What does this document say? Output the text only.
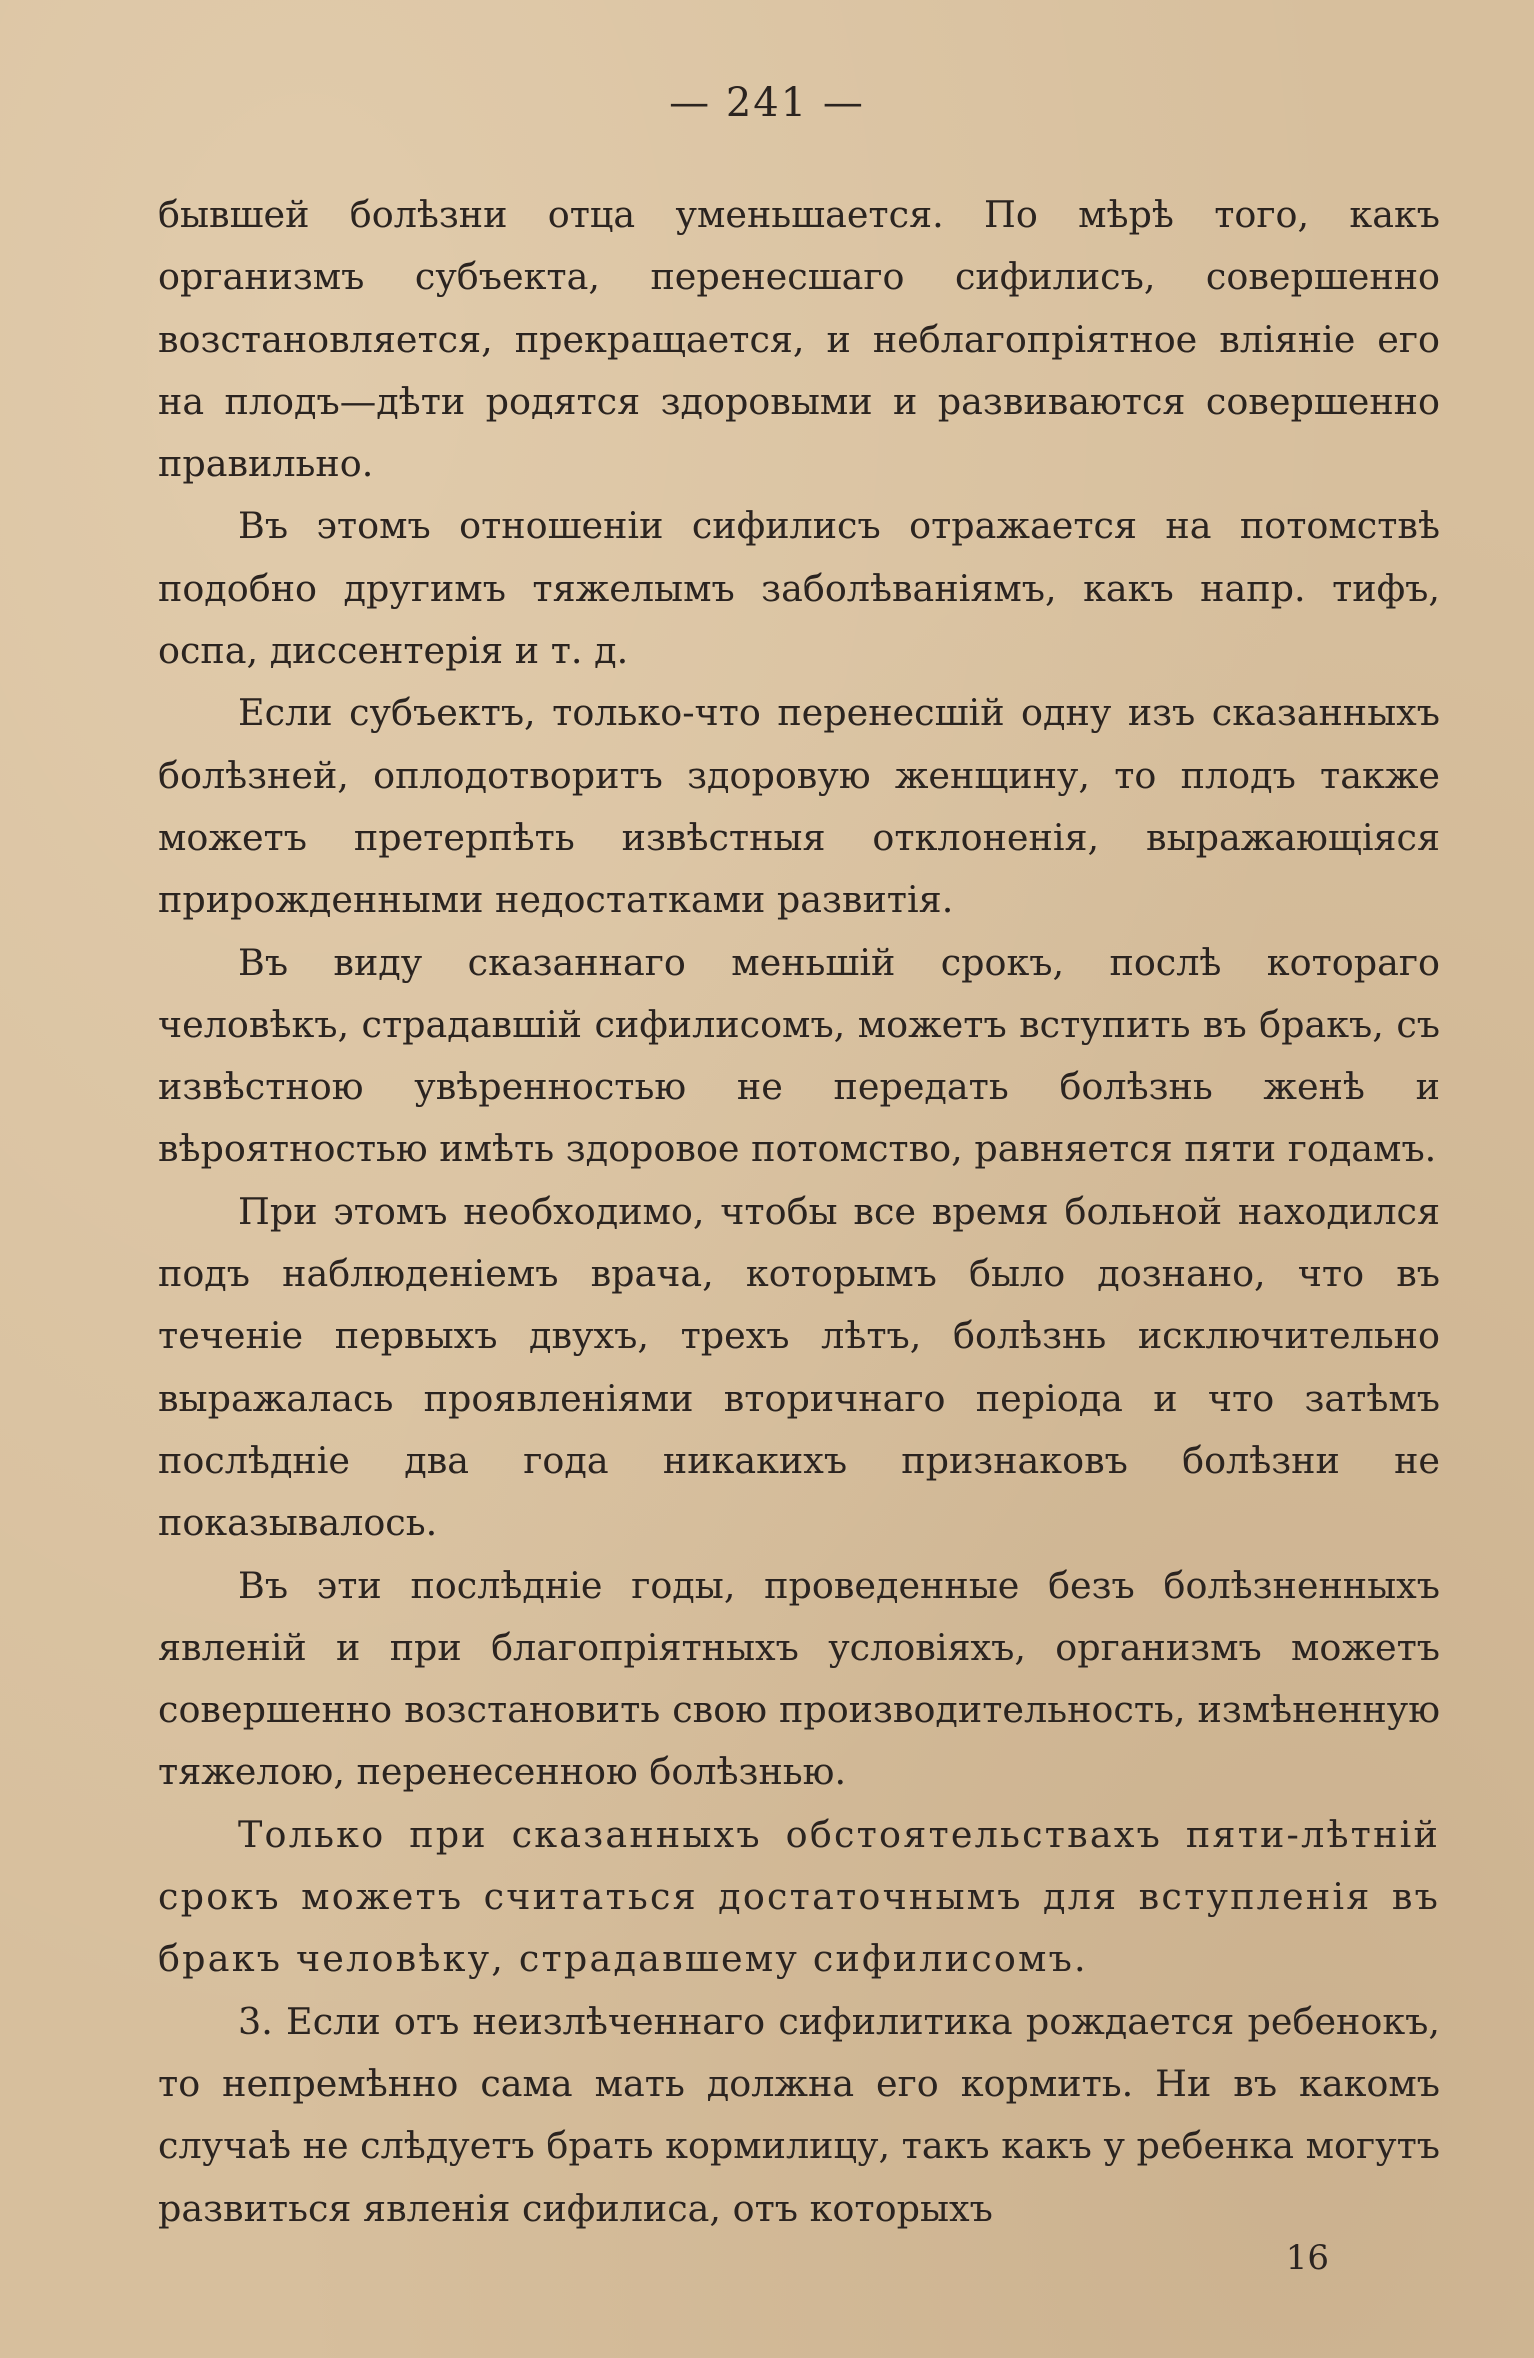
— 241 —

бывшей болѣзни отца уменьшается. По мѣрѣ того, какъ организмъ субъекта, перенесшаго сифилисъ, совершенно возстановляется, прекращается, и неблагопріятное вліяніе его на плодъ—дѣти родятся здоровыми и развиваются совершенно правильно.

Въ этомъ отношеніи сифилисъ отражается на потомствѣ подобно другимъ тяжелымъ заболѣваніямъ, какъ напр. тифъ, оспа, диссентерія и т. д.

Если субъектъ, только-что перенесшій одну изъ сказанныхъ болѣзней, оплодотворитъ здоровую женщину, то плодъ также можетъ претерпѣть извѣстныя отклоненія, выражающіяся прирожденными недостатками развитія.

Въ виду сказаннаго меньшій срокъ, послѣ котораго человѣкъ, страдавшій сифилисомъ, можетъ вступить въ бракъ, съ извѣстною увѣренностью не передать болѣзнь женѣ и вѣроятностью имѣть здоровое потомство, равняется пяти годамъ.

При этомъ необходимо, чтобы все время больной находился подъ наблюденіемъ врача, которымъ было дознано, что въ теченіе первыхъ двухъ, трехъ лѣтъ, болѣзнь исключительно выражалась проявленіями вторичнаго періода и что затѣмъ послѣдніе два года никакихъ признаковъ болѣзни не показывалось.

Въ эти послѣдніе годы, проведенные безъ болѣзненныхъ явленій и при благопріятныхъ условіяхъ, организмъ можетъ совершенно возстановить свою производительность, измѣненную тяжелою, перенесенною болѣзнью.

Только при сказанныхъ обстоятельствахъ пяти-лѣтній срокъ можетъ считаться достаточнымъ для вступленія въ бракъ человѣку, страдавшему сифилисомъ.

3. Если отъ неизлѣченнаго сифилитика рождается ребенокъ, то непремѣнно сама мать должна его кормить. Ни въ какомъ случаѣ не слѣдуетъ брать кормилицу, такъ какъ у ребенка могутъ развиться явленія сифилиса, отъ которыхъ

16
